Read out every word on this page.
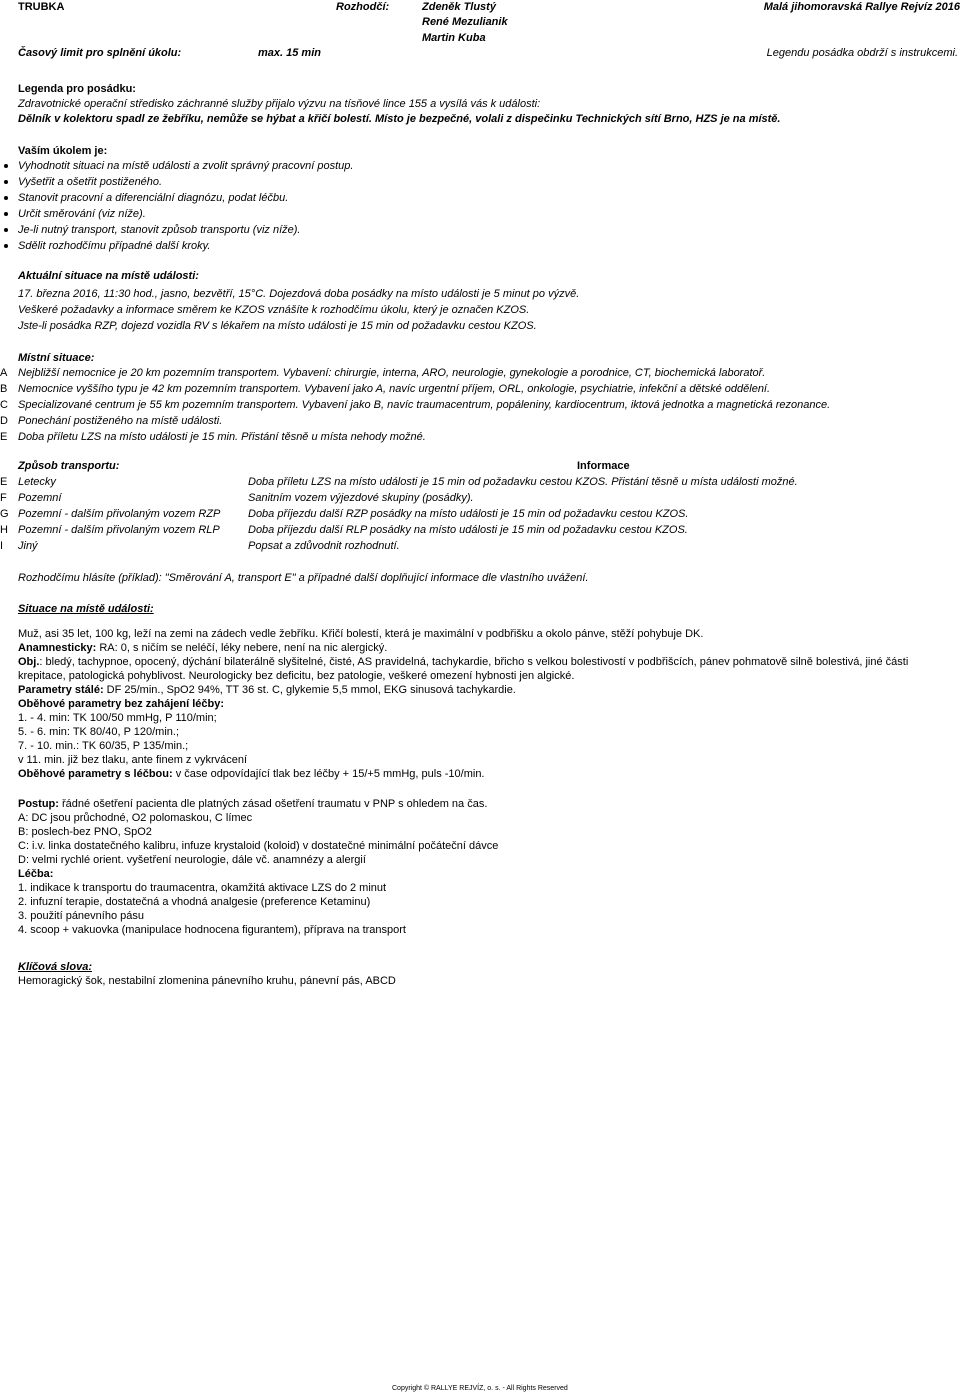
TRUBKA	Rozhodčí:	Zdeněk Tlustý
René Mezulianik
Martin Kuba
Malá jihomoravská Rallye Rejvíz 2016
Časový limit pro splnění úkolu:	max. 15 min	Legendu posádka obdrží s instrukcemi.
Legenda pro posádku:
Zdravotnické operační středisko záchranné služby přijalo výzvu na tísňové lince 155 a vysílá vás k události:
Dělník v kolektoru spadl ze žebříku, nemůže se hýbat a křičí bolestí. Místo je bezpečné, volali z dispečinku Technických sítí Brno, HZS je na místě.
Vaším úkolem je:
Aktuální situace na místě události:
17. března 2016, 11:30 hod., jasno, bezvětří, 15°C. Dojezdová doba posádky na místo události je 5 minut po výzvě.
Veškeré požadavky a informace směrem ke KZOS vznášíte k rozhodčímu úkolu, který je označen KZOS.
Jste-li posádka RZP, dojezd vozidla RV s lékařem na místo události je 15 min od požadavku cestou KZOS.
Místní situace:
Způsob transportu:	Informace
Rozhodčímu hlásíte (příklad): "Směrování A, transport E" a případné další doplňující informace dle vlastního uvážení.
Situace na místě události:
Muž, asi 35 let, 100 kg, leží na zemi na zádech vedle žebříku. Křičí bolestí, která je maximální v podbřišku a okolo pánve, stěží pohybuje DK.
Anamnesticky: RA: 0, s ničím se neléčí, léky nebere, není na nic alergický.
Obj.: bledý, tachypnoe, opocený, dýchání bilaterálně slyšitelné, čisté, AS pravidelná, tachykardie, břicho s velkou bolestivostí v podbřišcích, pánev pohmatově silně bolestivá, jiné části krepitace, patologická pohyblivost. Neurologicky bez deficitu, bez patologie, veškeré omezení hybnosti jen algické.
Parametry stálé: DF 25/min., SpO2 94%, TT 36 st. C, glykemie 5,5 mmol, EKG sinusová tachykardie.
Oběhové parametry bez zahájení léčby:
1. - 4. min: TK 100/50 mmHg, P 110/min;
5. - 6. min: TK 80/40, P 120/min.;
7. - 10. min.: TK 60/35, P 135/min.;
v 11. min. již bez tlaku, ante finem z vykrvácení
Oběhové parametry s léčbou: v čase odpovídající tlak bez léčby + 15/+5 mmHg, puls -10/min.
Postup: řádné ošetření pacienta dle platných zásad ošetření traumatu v PNP s ohledem na čas.
A: DC jsou průchodné, O2 polomaskou, C límec
B: poslech-bez PNO, SpO2
C: i.v. linka dostatečného kalibru, infuze krystaloid (koloid) v dostatečné minimální počáteční dávce
D: velmi rychlé orient. vyšetření neurologie, dále vč. anamnézy a alergií
Léčba:
1. indikace k transportu do traumacentra, okamžitá aktivace LZS do 2 minut
2. infuzní terapie, dostatečná a vhodná analgesie (preference Ketaminu)
3. použití pánevního pásu
4. scoop + vakuovka (manipulace hodnocena figurantem), příprava na transport
Klíčová slova:
Hemoragický šok, nestabilní zlomenina pánevního kruhu, pánevní pás, ABCD
Copyright © RALLYE REJVÍZ, o. s. - All Rights Reserved
Vyhodnotit situaci na místě události a zvolit správný pracovní postup.
Vyšetřit a ošetřit postiženého.
Stanovit pracovní a diferenciální diagnózu, podat léčbu.
Určit směrování (viz níže).
Je-li nutný transport, stanovit způsob transportu (viz níže).
Sdělit rozhodčímu případné další kroky.
A Nejbližší nemocnice je 20 km pozemním transportem. Vybavení: chirurgie, interna, ARO, neurologie, gynekologie a porodnice, CT, biochemická laboratoř.
B Nemocnice vyššího typu je 42 km pozemním transportem. Vybavení jako A, navíc urgentní příjem, ORL, onkologie, psychiatrie, infekční a dětské oddělení.
C Specializované centrum je 55 km pozemním transportem. Vybavení jako B, navíc traumacentrum, popáleniny, kardiocentrum, iktová jednotka a magnetická rezonance.
D Ponechání postiženého na místě události.
E Doba příletu LZS na místo události je 15 min. Přistání těsně u místa nehody možné.
E Letecky	Doba příletu LZS na místo události je 15 min od požadavku cestou KZOS. Přistání těsně u místa události možné.
F	Pozemní	Sanitním vozem výjezdové skupiny (posádky).
G Pozemní - dalším přivolaným vozem RZP	Doba příjezdu další RZP posádky na místo události je 15 min od požadavku cestou KZOS.
H Pozemní - dalším přivolaným vozem RLP	Doba příjezdu další RLP posádky na místo události je 15 min od požadavku cestou KZOS.
I	Jiný	Popsat a zdůvodnit rozhodnutí.
